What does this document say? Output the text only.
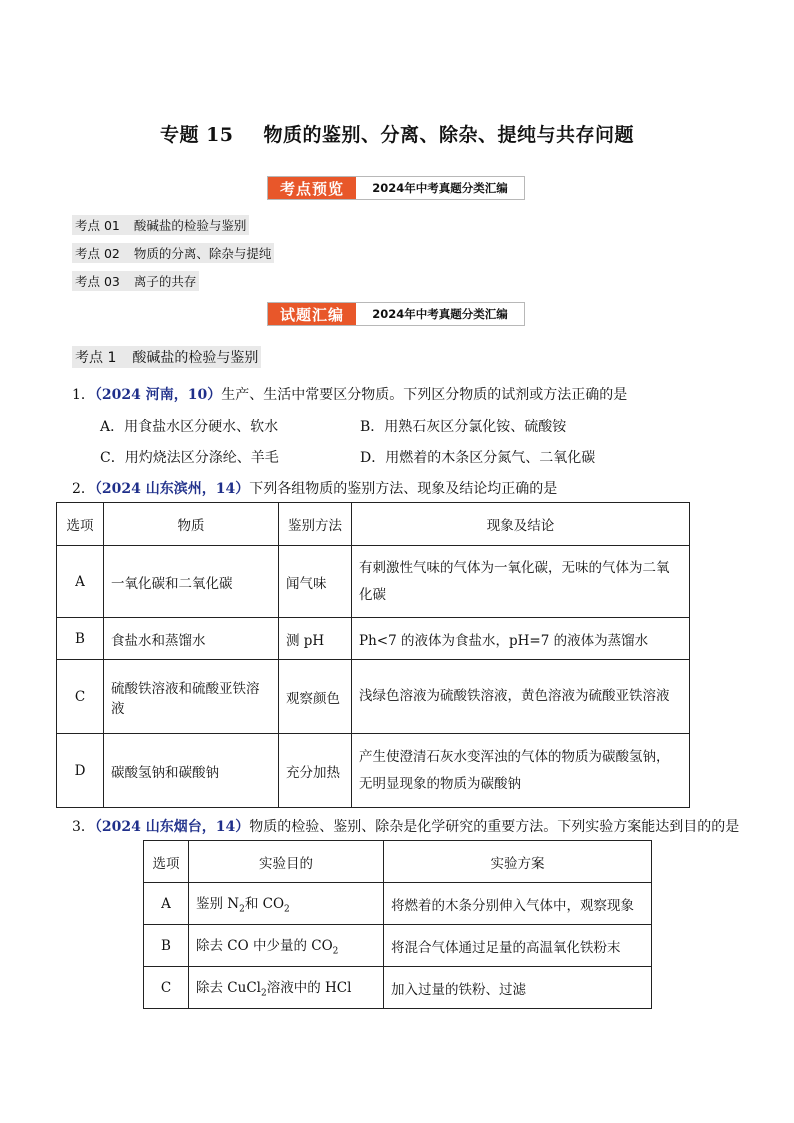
专题 15 物质的鉴别、分离、除杂、提纯与共存问题
考点预览	2024年中考真题分类汇编
考点 01 酸碱盐的检验与鉴别
考点 02 物质的分离、除杂与提纯
考点 03 离子的共存
试题汇编	2024年中考真题分类汇编
考点 1 酸碱盐的检验与鉴别
1．（2024 河南，10）生产、生活中常要区分物质。下列区分物质的试剂或方法正确的是
A．用食盐水区分硬水、软水	B．用熟石灰区分氯化铵、硫酸铵
C．用灼烧法区分涤纶、羊毛	D．用燃着的木条区分氮气、二氧化碳
2．（2024 山东滨州，14）下列各组物质的鉴别方法、现象及结论均正确的是
选项	物质	鉴别方法	现象及结论
A	一氧化碳和二氧化碳	闻气味	有刺激性气味的气体为一氧化碳，无味的气体为二氧化碳
B	食盐水和蒸馏水	测 pH	Ph<7 的液体为食盐水，pH=7 的液体为蒸馏水
C	硫酸铁溶液和硫酸亚铁溶液	观察颜色	浅绿色溶液为硫酸铁溶液，黄色溶液为硫酸亚铁溶液
D	碳酸氢钠和碳酸钠	充分加热	产生使澄清石灰水变浑浊的气体的物质为碳酸氢钠，无明显现象的物质为碳酸钠
3．（2024 山东烟台，14）物质的检验、鉴别、除杂是化学研究的重要方法。下列实验方案能达到目的的是
选项	实验目的	实验方案
A	鉴别 $N_2$和 $CO_2$	将燃着的木条分别伸入气体中，观察现象
B	除去 CO 中少量的 $CO_2$	将混合气体通过足量的高温氧化铁粉末
C	除去 CuCl$_2$溶液中的 HCl	加入过量的铁粉、过滤
